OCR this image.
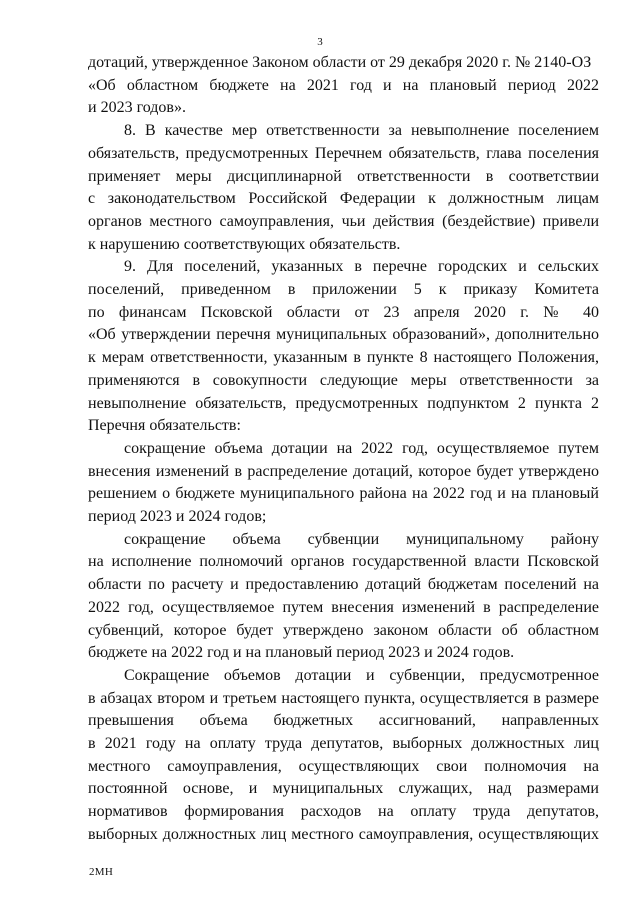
3
дотаций, утвержденное Законом области от 29 декабря 2020 г. № 2140-ОЗ
«Об областном бюджете на 2021 год и на плановый период 2022
и 2023 годов».
8. В качестве мер ответственности за невыполнение поселением
обязательств, предусмотренных Перечнем обязательств, глава поселения
применяет меры дисциплинарной ответственности в соответствии
с законодательством Российской Федерации к должностным лицам
органов местного самоуправления, чьи действия (бездействие) привели
к нарушению соответствующих обязательств.
9. Для поселений, указанных в перечне городских и сельских
поселений, приведенном в приложении 5 к приказу Комитета
по финансам Псковской области от 23 апреля 2020 г. № 40
«Об утверждении перечня муниципальных образований», дополнительно
к мерам ответственности, указанным в пункте 8 настоящего Положения,
применяются в совокупности следующие меры ответственности за
невыполнение обязательств, предусмотренных подпунктом 2 пункта 2
Перечня обязательств:
сокращение объема дотации на 2022 год, осуществляемое путем
внесения изменений в распределение дотаций, которое будет утверждено
решением о бюджете муниципального района на 2022 год и на плановый
период 2023 и 2024 годов;
сокращение объема субвенции муниципальному району
на исполнение полномочий органов государственной власти Псковской
области по расчету и предоставлению дотаций бюджетам поселений на
2022 год, осуществляемое путем внесения изменений в распределение
субвенций, которое будет утверждено законом области об областном
бюджете на 2022 год и на плановый период 2023 и 2024 годов.
Сокращение объемов дотации и субвенции, предусмотренное
в абзацах втором и третьем настоящего пункта, осуществляется в размере
превышения объема бюджетных ассигнований, направленных
в 2021 году на оплату труда депутатов, выборных должностных лиц
местного самоуправления, осуществляющих свои полномочия на
постоянной основе, и муниципальных служащих, над размерами
нормативов формирования расходов на оплату труда депутатов,
выборных должностных лиц местного самоуправления, осуществляющих
2МН
